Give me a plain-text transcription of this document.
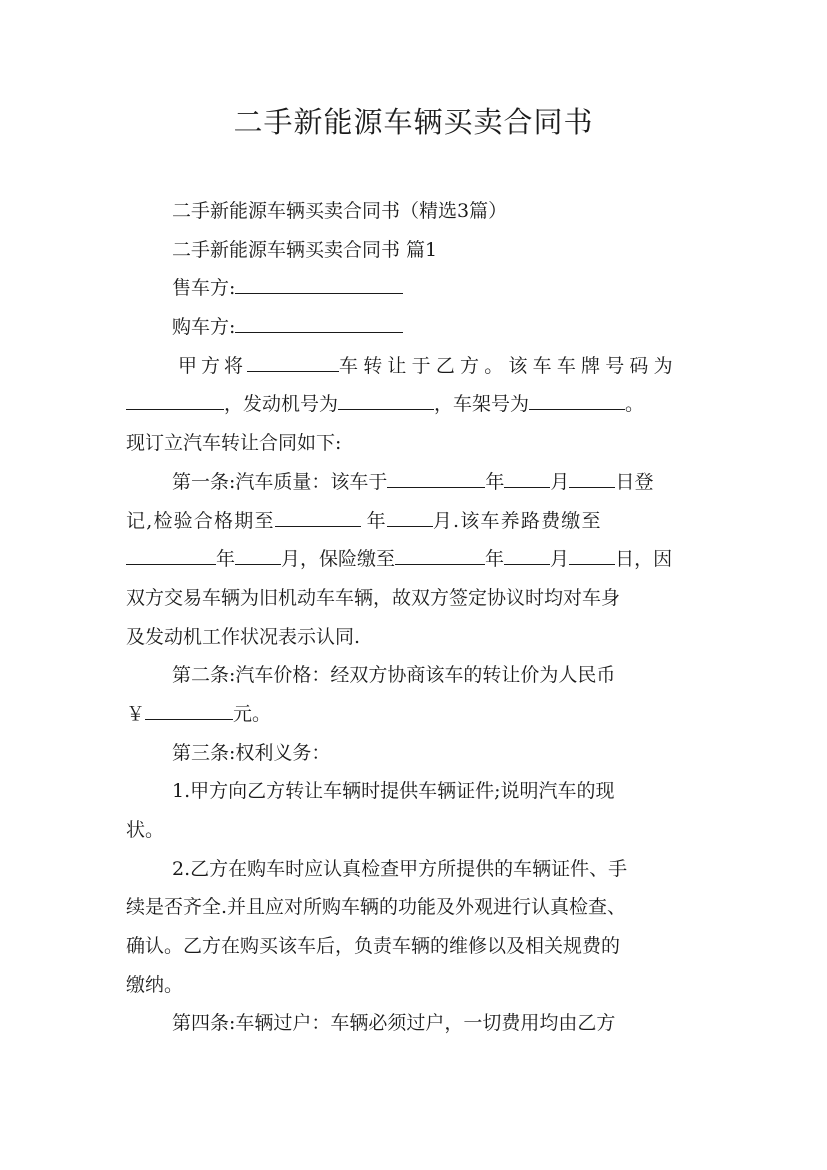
二手新能源车辆买卖合同书
二手新能源车辆买卖合同书（精选3篇）
二手新能源车辆买卖合同书 篇1
售车方:
购车方:
甲方将	车转让于乙方。该车车牌号码为
，发动机号为	，车架号为	。
现订立汽车转让合同如下:
第一条:汽车质量：该车于	年 月 日登
记,检验合格期至	年 月.该车养路费缴至
年 月，保险缴至	年 月 日，因
双方交易车辆为旧机动车车辆，故双方签定协议时均对车身
及发动机工作状况表示认同.
第二条:汽车价格：经双方协商该车的转让价为人民币
￥	元。
第三条:权利义务：
1.甲方向乙方转让车辆时提供车辆证件;说明汽车的现
状。
2.乙方在购车时应认真检查甲方所提供的车辆证件、手
续是否齐全.并且应对所购车辆的功能及外观进行认真检查、
确认。乙方在购买该车后，负责车辆的维修以及相关规费的
缴纳。
第四条:车辆过户：车辆必须过户，一切费用均由乙方
